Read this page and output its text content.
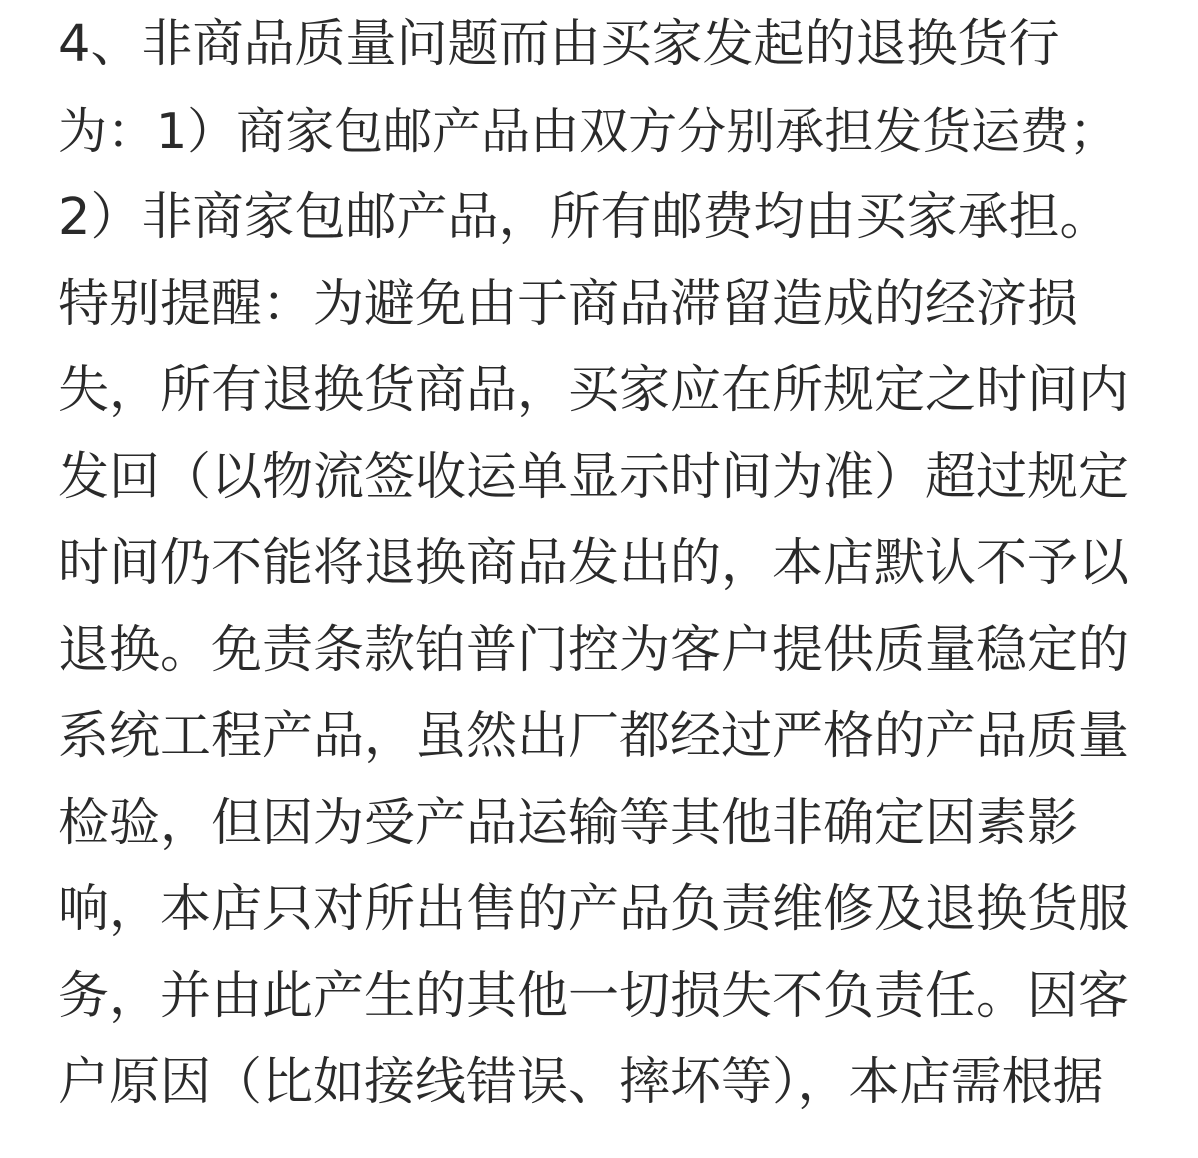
4、非商品质量问题而由买家发起的退换货行
为：1）商家包邮产品由双方分别承担发货运费；
2）非商家包邮产品，所有邮费均由买家承担。
特别提醒：为避免由于商品滞留造成的经济损
失，所有退换货商品，买家应在所规定之时间内
发回（以物流签收运单显示时间为准）超过规定
时间仍不能将退换商品发出的，本店默认不予以
退换。免责条款铂普门控为客户提供质量稳定的
系统工程产品，虽然出厂都经过严格的产品质量
检验，但因为受产品运输等其他非确定因素影
响，本店只对所出售的产品负责维修及退换货服
务，并由此产生的其他一切损失不负责任。因客
户原因（比如接线错误、摔坏等），本店需根据
